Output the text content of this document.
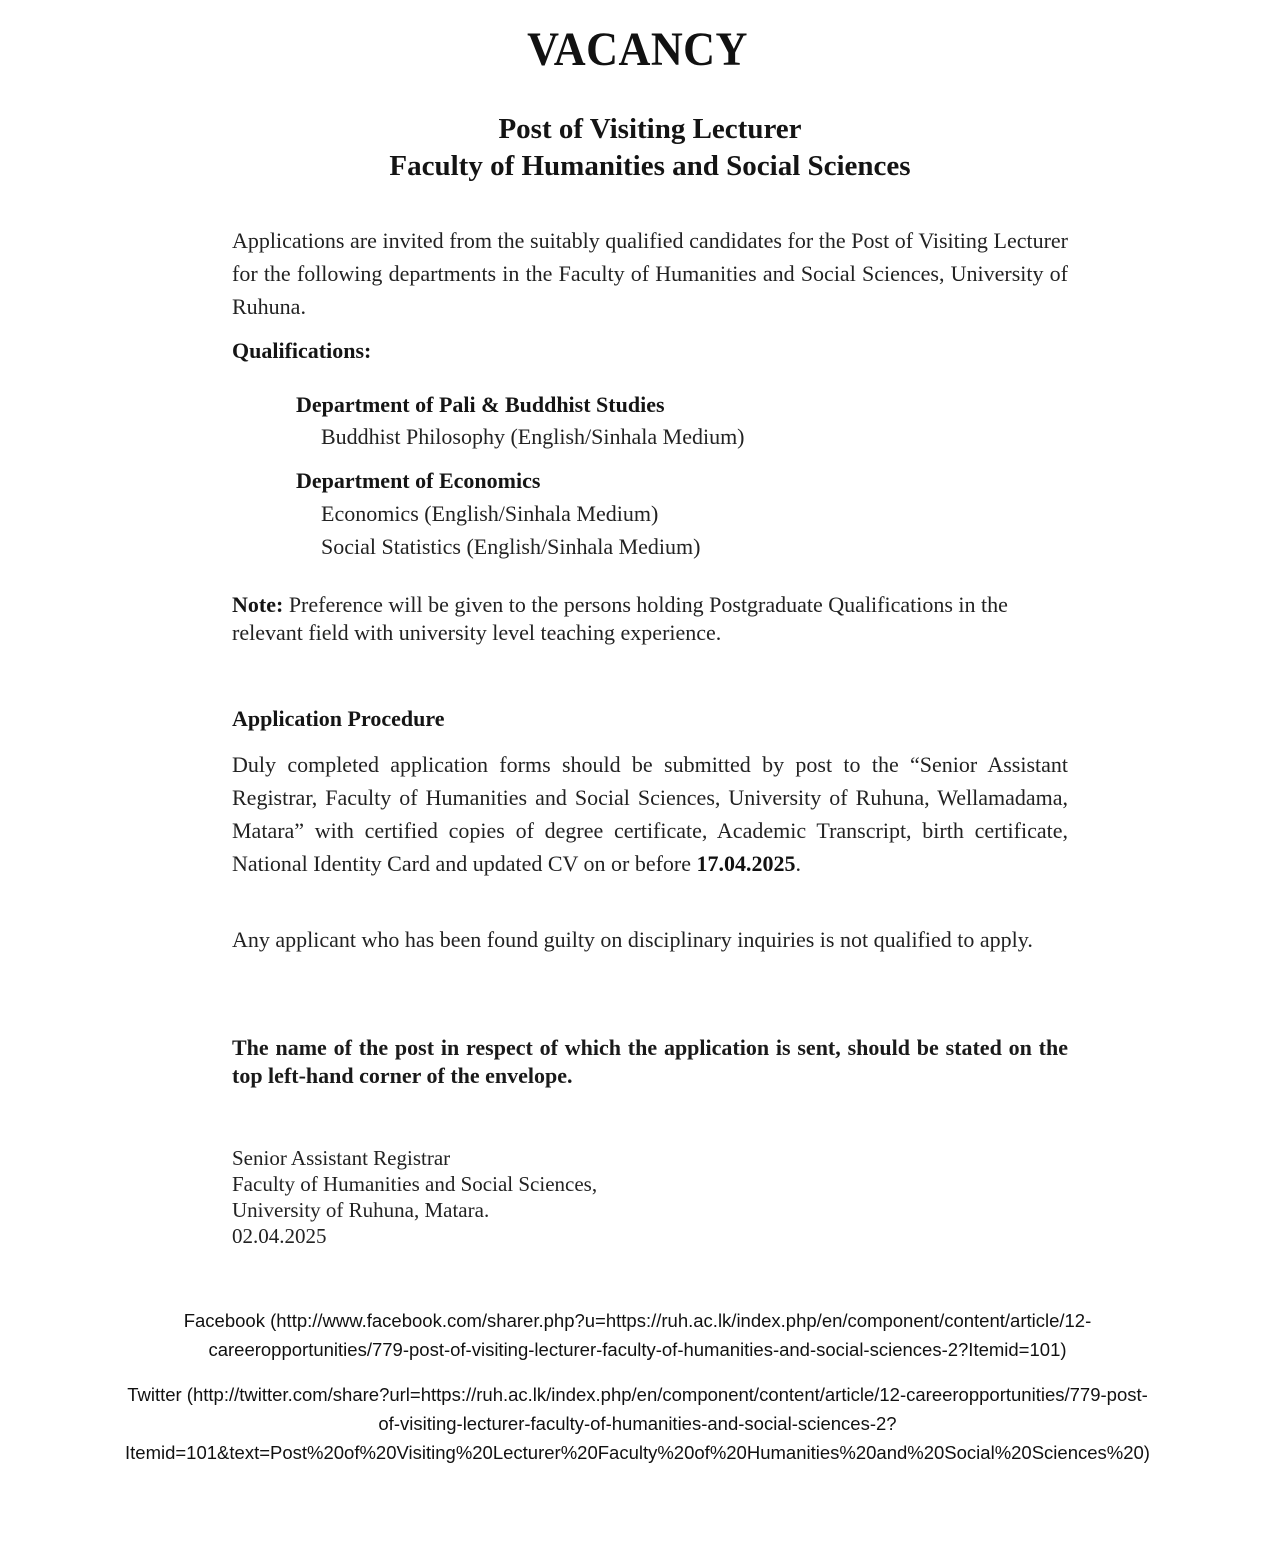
VACANCY
Post of Visiting Lecturer
Faculty of Humanities and Social Sciences
Applications are invited from the suitably qualified candidates for the Post of Visiting Lecturer for the following departments in the Faculty of Humanities and Social Sciences, University of Ruhuna.
Qualifications:
Department of Pali & Buddhist Studies
Buddhist Philosophy (English/Sinhala Medium)
Department of Economics
Economics (English/Sinhala Medium)
Social Statistics (English/Sinhala Medium)
Note: Preference will be given to the persons holding Postgraduate Qualifications in the relevant field with university level teaching experience.
Application Procedure
Duly completed application forms should be submitted by post to the “Senior Assistant Registrar, Faculty of Humanities and Social Sciences, University of Ruhuna, Wellamadama, Matara” with certified copies of degree certificate, Academic Transcript, birth certificate, National Identity Card and updated CV on or before 17.04.2025.
Any applicant who has been found guilty on disciplinary inquiries is not qualified to apply.
The name of the post in respect of which the application is sent, should be stated on the top left-hand corner of the envelope.
Senior Assistant Registrar
Faculty of Humanities and Social Sciences,
University of Ruhuna, Matara.
02.04.2025
Facebook (http://www.facebook.com/sharer.php?u=https://ruh.ac.lk/index.php/en/component/content/article/12-
careeropportunities/779-post-of-visiting-lecturer-faculty-of-humanities-and-social-sciences-2?Itemid=101)
Twitter (http://twitter.com/share?url=https://ruh.ac.lk/index.php/en/component/content/article/12-careeropportunities/779-post-
of-visiting-lecturer-faculty-of-humanities-and-social-sciences-2?
Itemid=101&text=Post%20of%20Visiting%20Lecturer%20Faculty%20of%20Humanities%20and%20Social%20Sciences%20)
